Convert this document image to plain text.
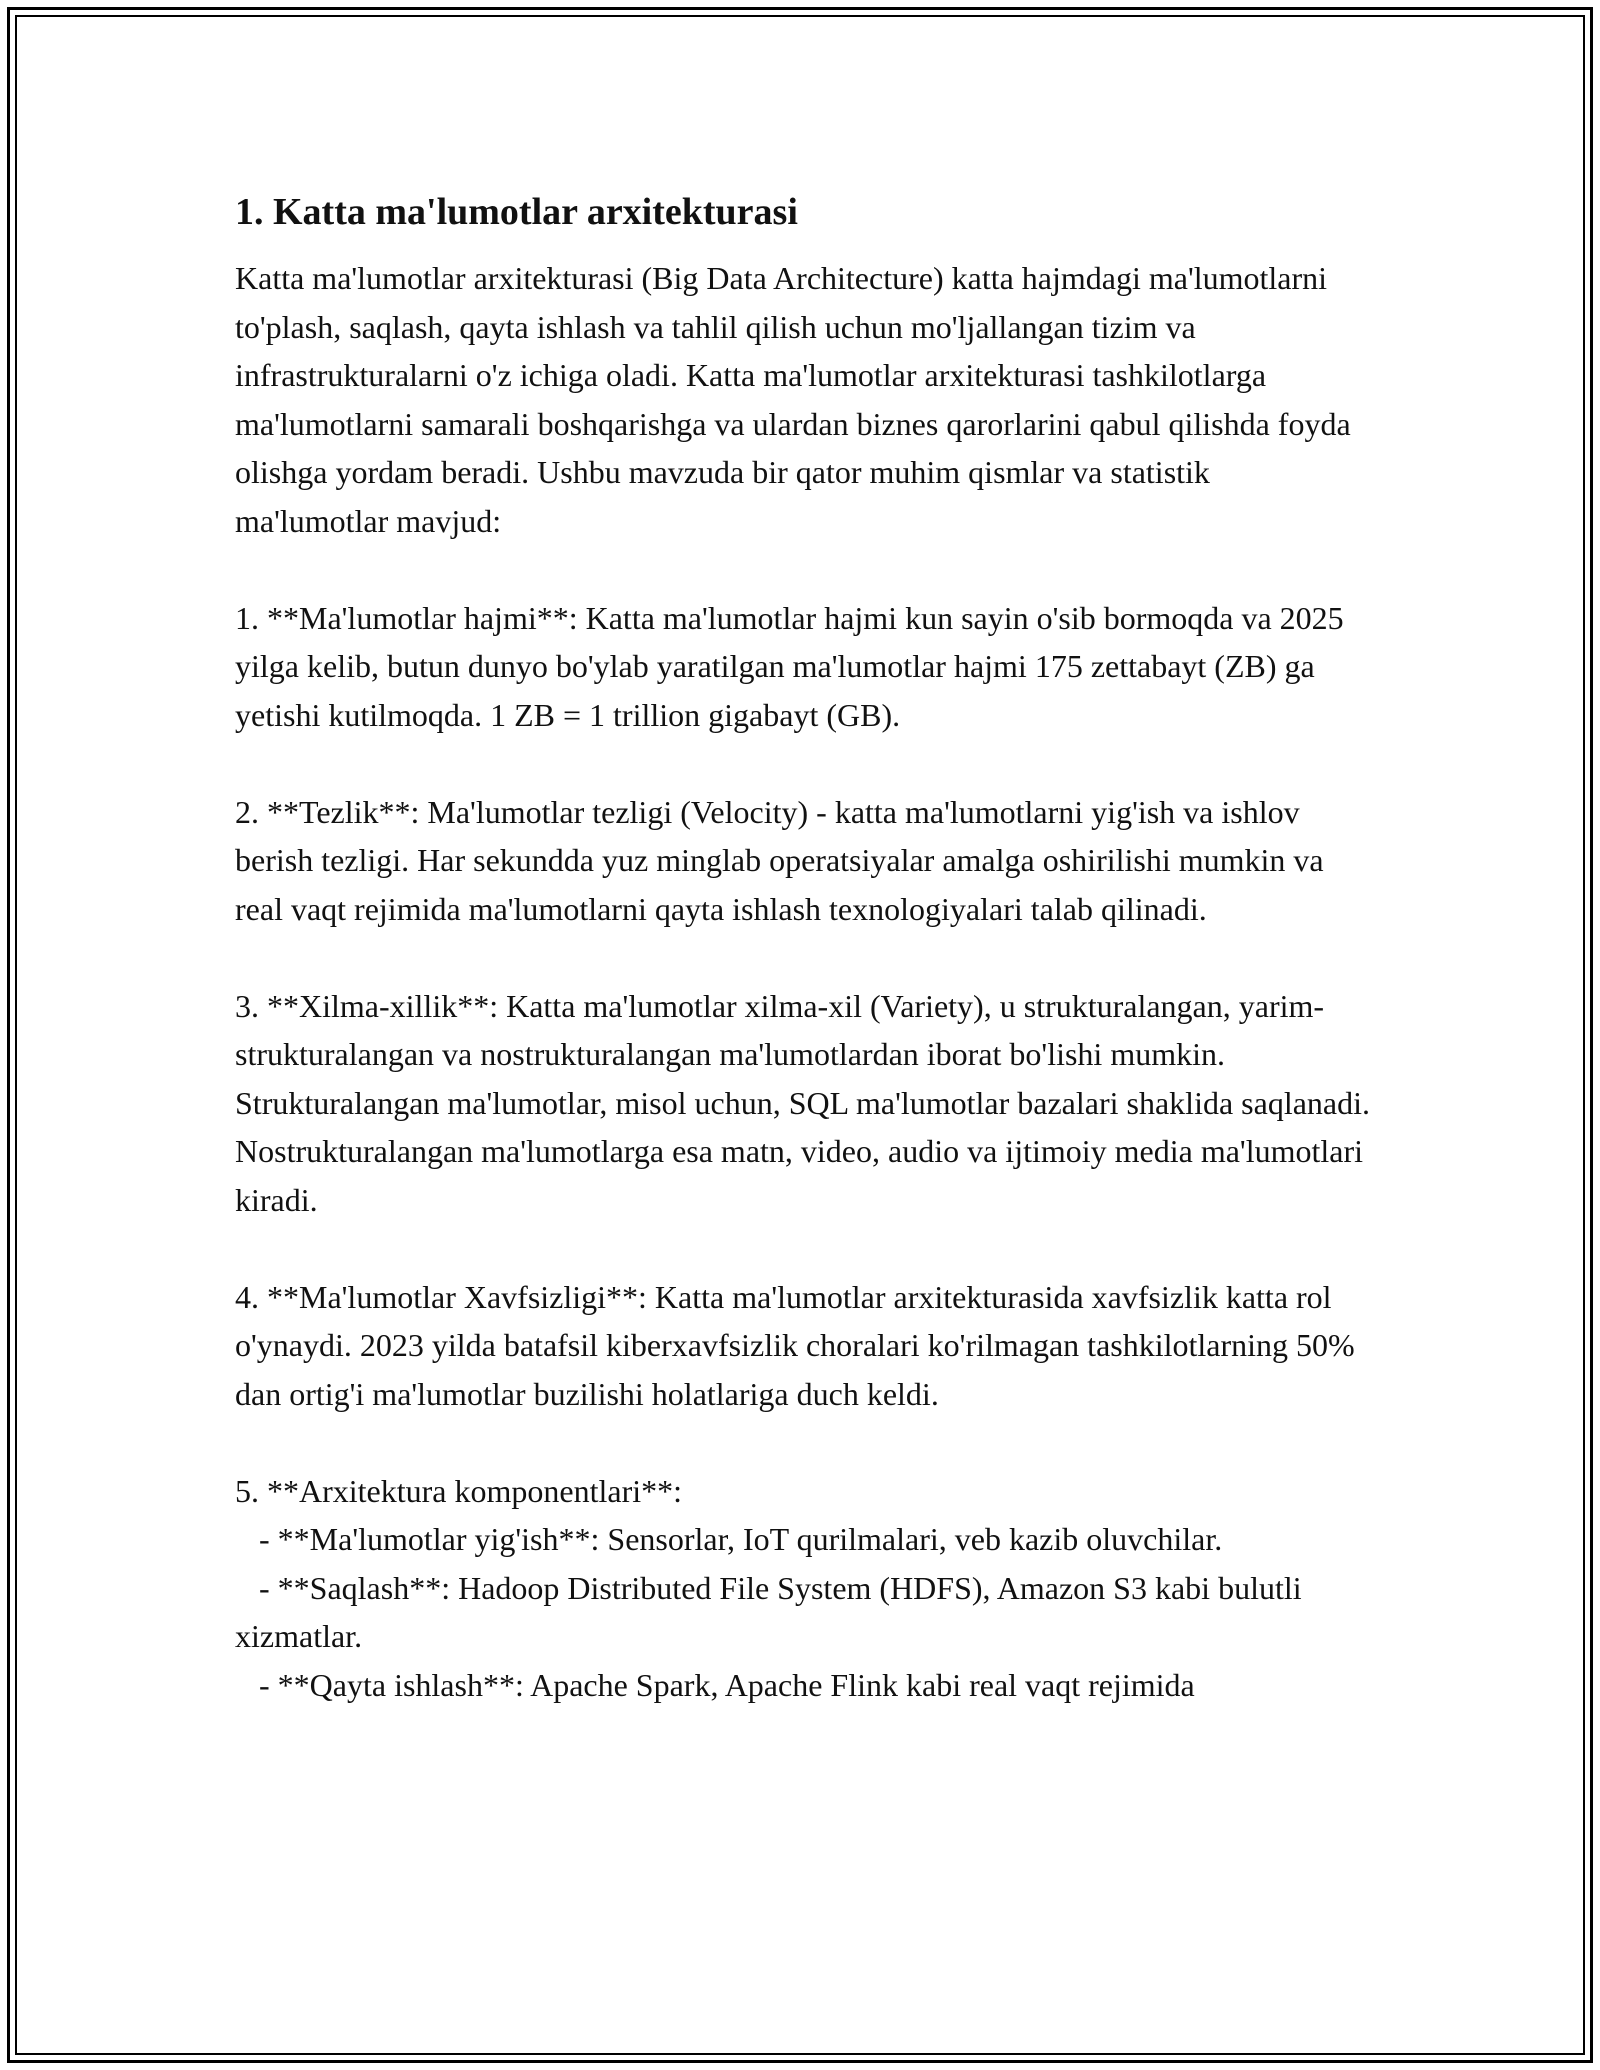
1. Katta ma'lumotlar arxitekturasi

Katta ma'lumotlar arxitekturasi (Big Data Architecture) katta hajmdagi ma'lumotlarni to'plash, saqlash, qayta ishlash va tahlil qilish uchun mo'ljallangan tizim va infrastrukturalarni o'z ichiga oladi. Katta ma'lumotlar arxitekturasi tashkilotlarga ma'lumotlarni samarali boshqarishga va ulardan biznes qarorlarini qabul qilishda foyda olishga yordam beradi. Ushbu mavzuda bir qator muhim qismlar va statistik ma'lumotlar mavjud:

1. **Ma'lumotlar hajmi**: Katta ma'lumotlar hajmi kun sayin o'sib bormoqda va 2025 yilga kelib, butun dunyo bo'ylab yaratilgan ma'lumotlar hajmi 175 zettabayt (ZB) ga yetishi kutilmoqda. 1 ZB = 1 trillion gigabayt (GB).

2. **Tezlik**: Ma'lumotlar tezligi (Velocity) - katta ma'lumotlarni yig'ish va ishlov berish tezligi. Har sekundda yuz minglab operatsiyalar amalga oshirilishi mumkin va real vaqt rejimida ma'lumotlarni qayta ishlash texnologiyalari talab qilinadi.

3. **Xilma-xillik**: Katta ma'lumotlar xilma-xil (Variety), u strukturalangan, yarim-strukturalangan va nostrukturalangan ma'lumotlardan iborat bo'lishi mumkin. Strukturalangan ma'lumotlar, misol uchun, SQL ma'lumotlar bazalari shaklida saqlanadi. Nostrukturalangan ma'lumotlarga esa matn, video, audio va ijtimoiy media ma'lumotlari kiradi.

4. **Ma'lumotlar Xavfsizligi**: Katta ma'lumotlar arxitekturasida xavfsizlik katta rol o'ynaydi. 2023 yilda batafsil kiberxavfsizlik choralari ko'rilmagan tashkilotlarning 50% dan ortig'i ma'lumotlar buzilishi holatlariga duch keldi.

5. **Arxitektura komponentlari**:

- **Ma'lumotlar yig'ish**: Sensorlar, IoT qurilmalari, veb kazib oluvchilar.

- **Saqlash**: Hadoop Distributed File System (HDFS), Amazon S3 kabi bulutli xizmatlar.

- **Qayta ishlash**: Apache Spark, Apache Flink kabi real vaqt rejimida
